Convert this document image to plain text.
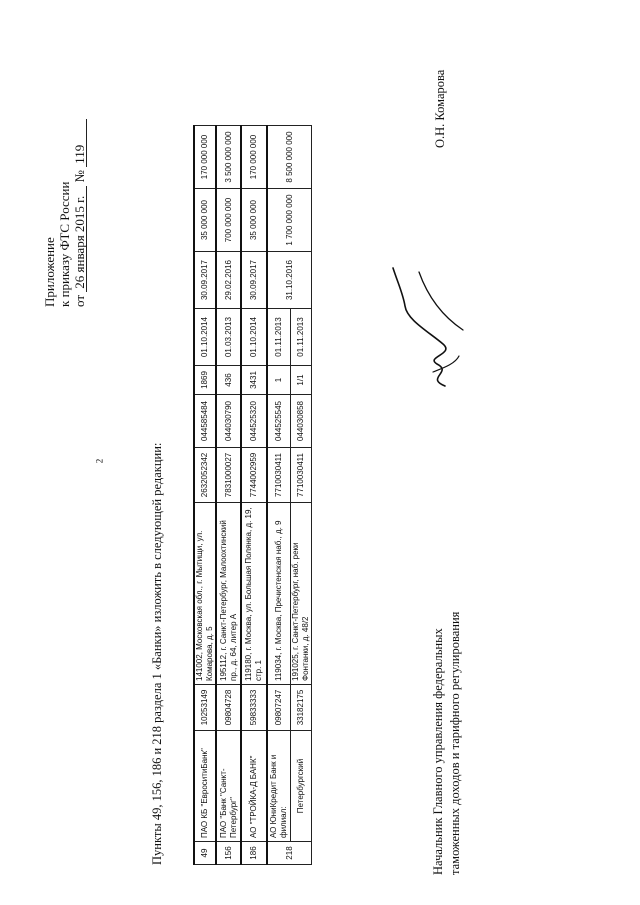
2
Приложение к приказу ФТС России от 26 января 2015 г. № 119
Пункты 49, 156, 186 и 218 раздела 1 «Банки» изложить в следующей редакции:	49	ПАО КБ "ЕвроситиБанк"	10253149	141002, Московская обл., г. Мытищи, ул. Комарова, д. 5	2632052342	044585484	1869	01.10.2014	30.09.2017	35 000 000	170 000 000
156	ПАО "Банк "Санкт-Петербург"	09804728	195112, г. Санкт-Петербург, Малоохтинский пр., д. 64, литер А	7831000027	044030790	436	01.03.2013	29.02.2016	700 000 000	3 500 000 000
186	АО "ТРОЙКА-Д БАНК"	59833333	119180, г. Москва, ул. Большая Полянка, д. 19, стр. 1	7744002959	044525320	3431	01.10.2014	30.09.2017	35 000 000	170 000 000
218	АО ЮниКредит Банк и филиал:	09807247	119034, г. Москва, Пречистенская наб., д. 9	7710030411	044525545	1	01.11.2013	31.10.2016	1 700 000 000	8 500 000 000
	Петербургский	33182175	191025, г. Санкт-Петербург, наб. реки Фонтанки, д. 48/2	7710030411	044030858	1/1	01.11.2013			
Начальник Главного управления федеральных таможенных доходов и тарифного регулирования
О.Н. Комарова
